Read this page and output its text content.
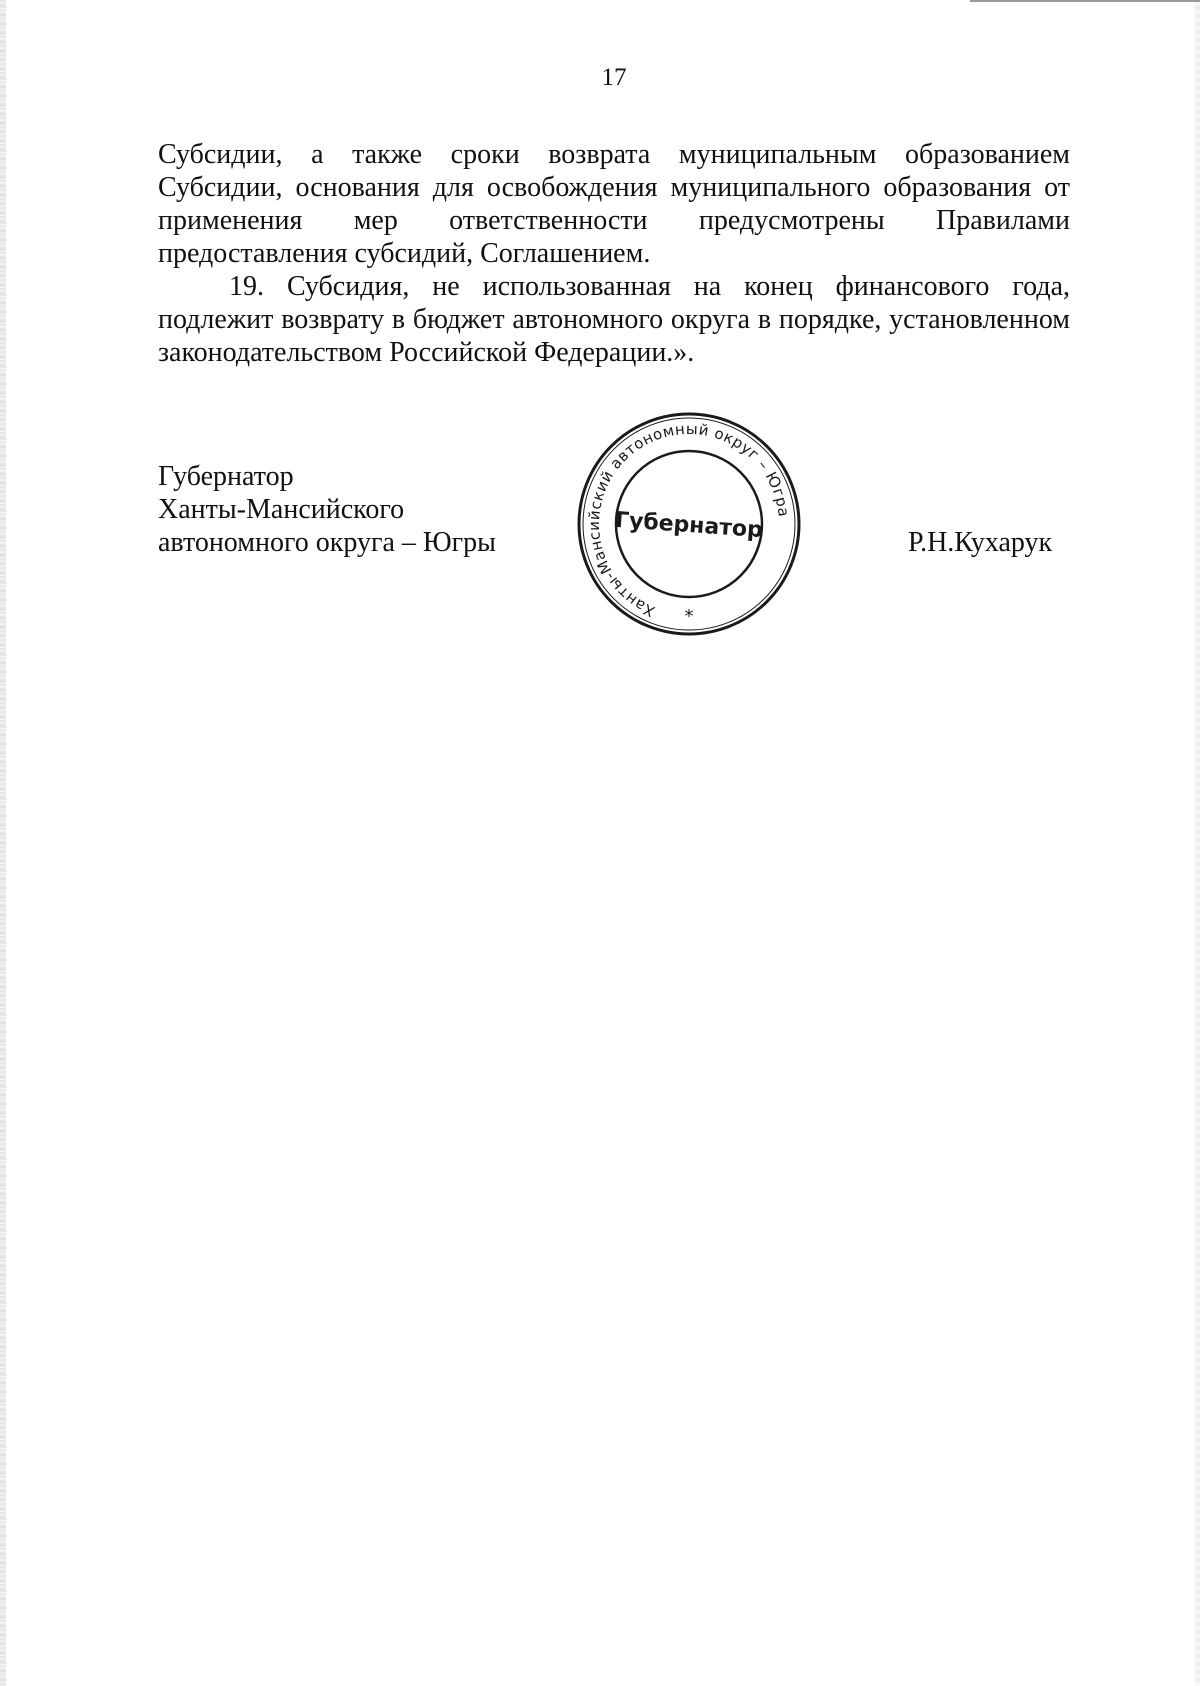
17

Субсидии, а также сроки возврата муниципальным образованием Субсидии, основания для освобождения муниципального образования от применения мер ответственности предусмотрены Правилами предоставления субсидий, Соглашением.

19. Субсидия, не использованная на конец финансового года, подлежит возврату в бюджет автономного округа в порядке, установленном законодательством Российской Федерации.».

Губернатор
Ханты-Мансийского
автономного округа – Югры
Ханты-Мансийский автономный округ – Югра
Губернатор
*
Р.Н.Кухарук
